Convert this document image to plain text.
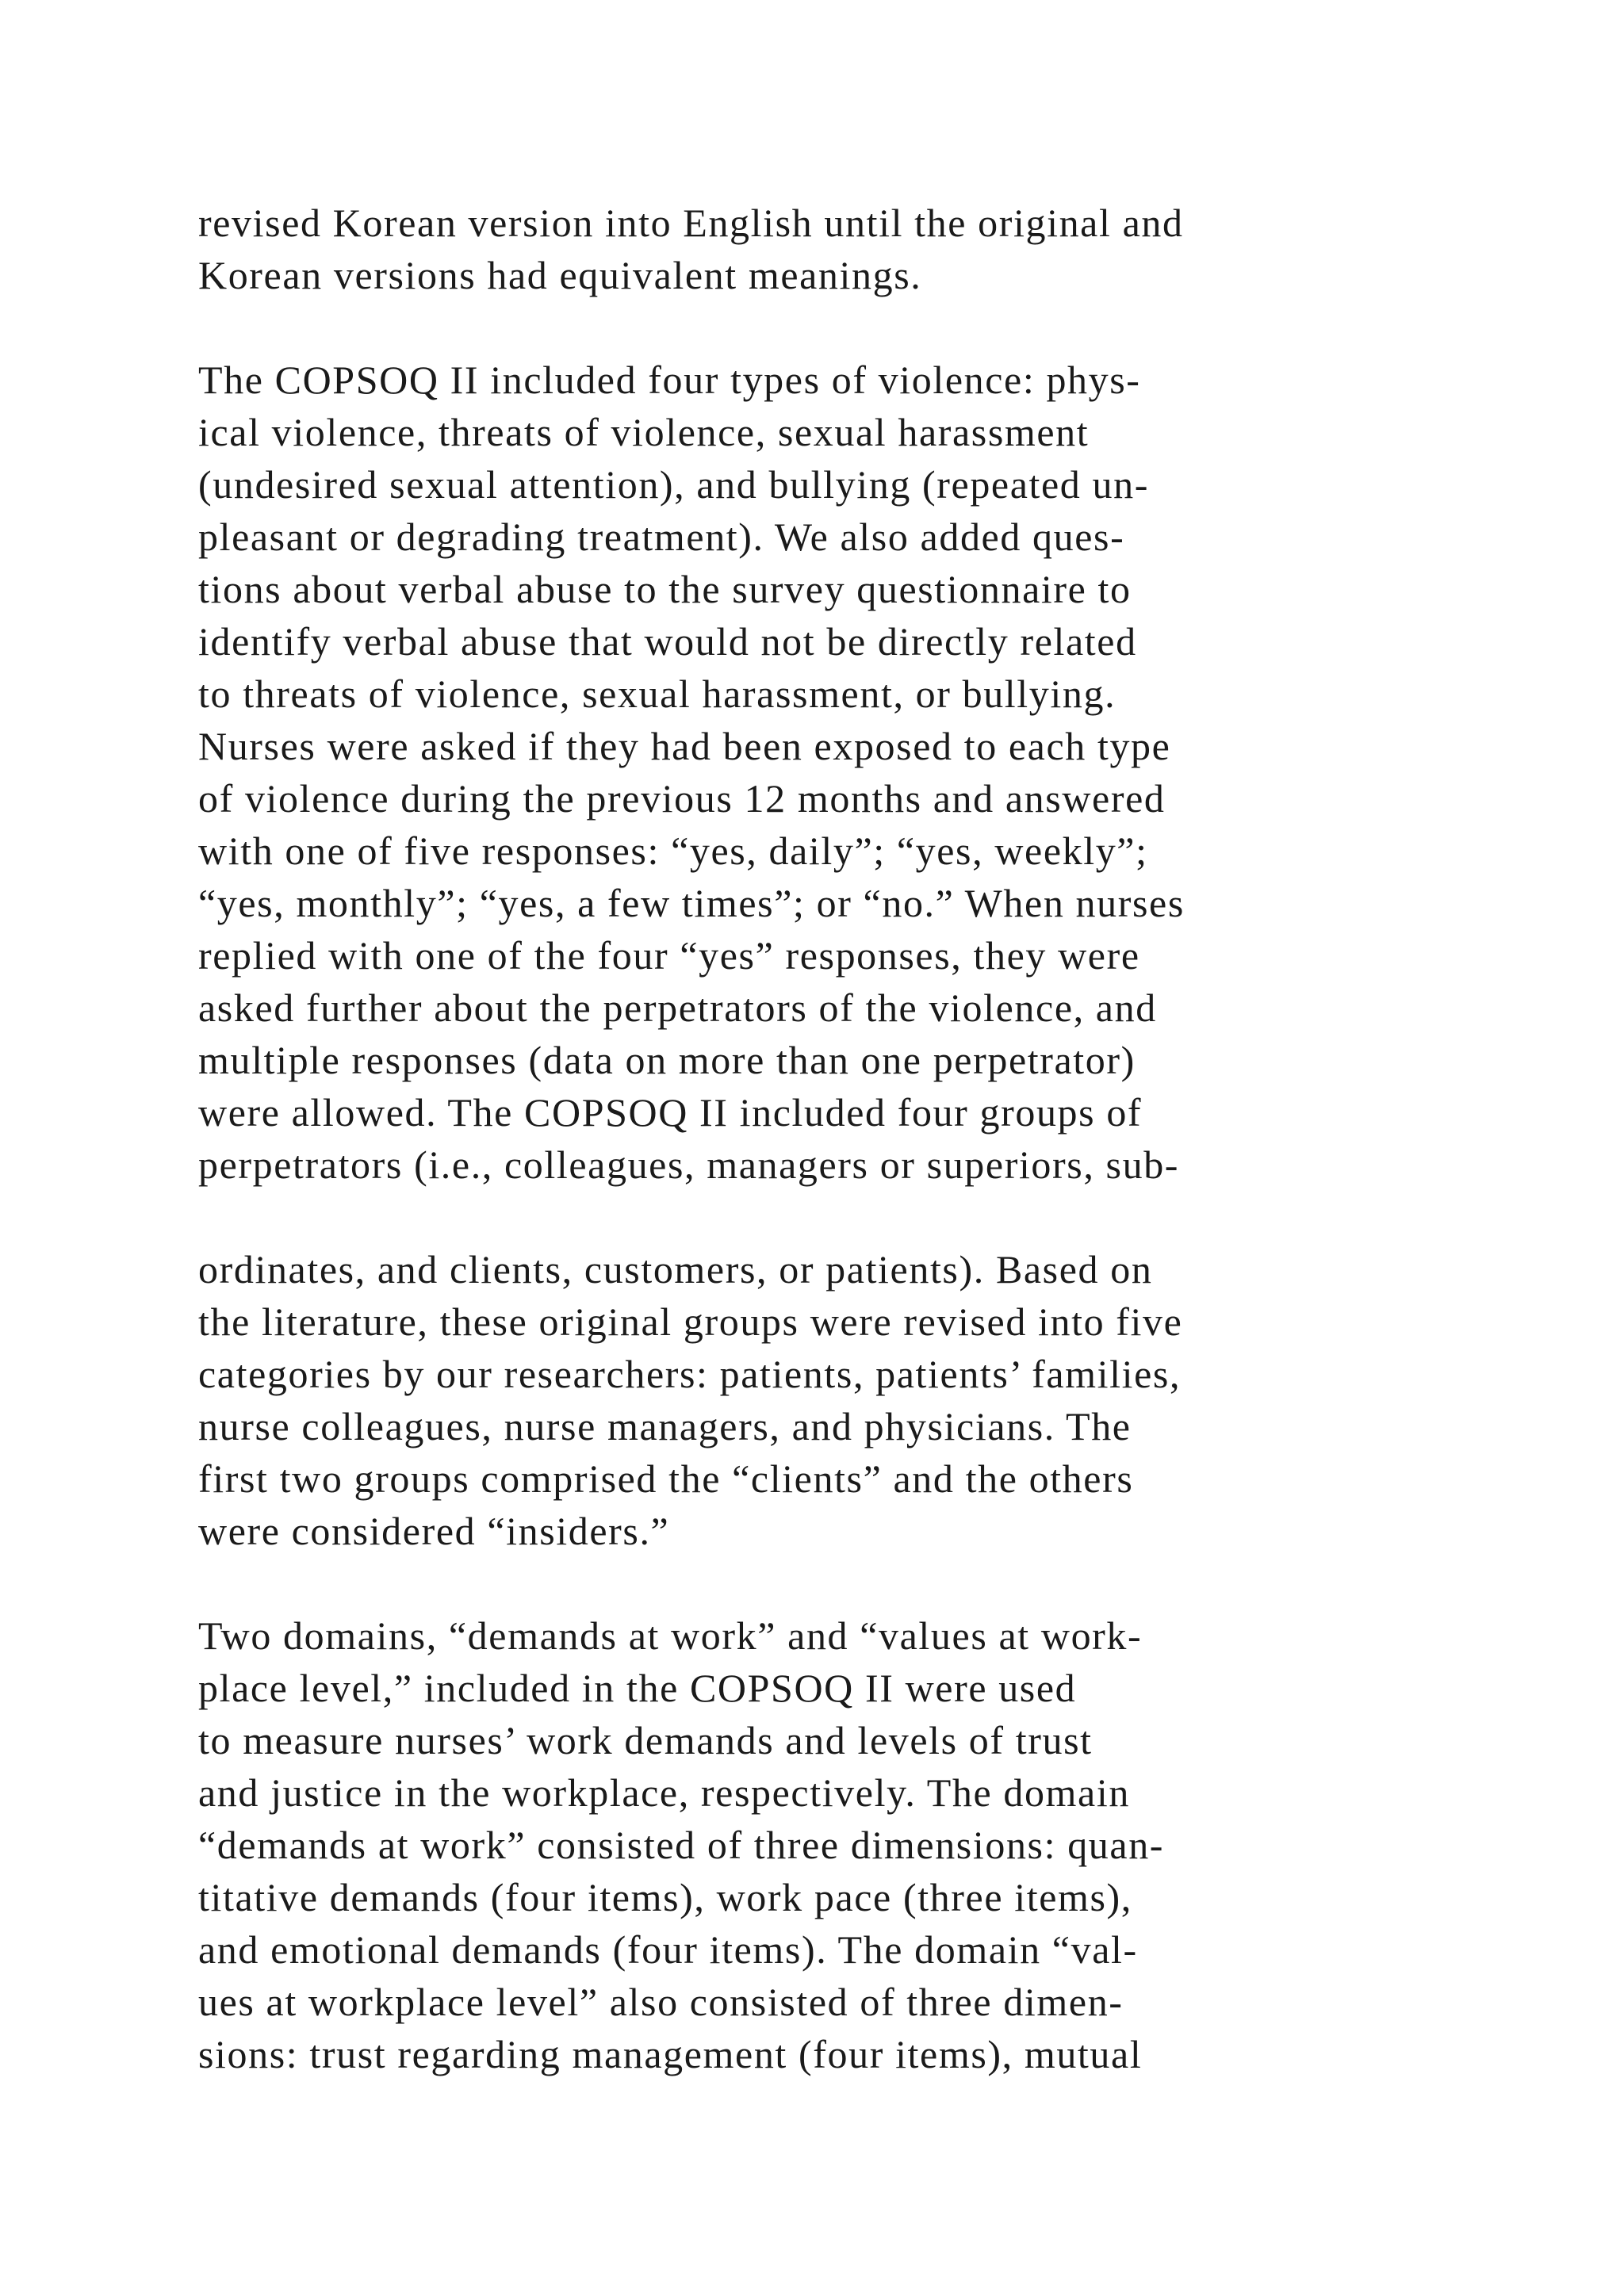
revised Korean version into English until the original and
Korean versions had equivalent meanings.
The COPSOQ II included four types of violence: phys-
ical violence, threats of violence, sexual harassment
(undesired sexual attention), and bullying (repeated un-
pleasant or degrading treatment). We also added ques-
tions about verbal abuse to the survey questionnaire to
identify verbal abuse that would not be directly related
to threats of violence, sexual harassment, or bullying.
Nurses were asked if they had been exposed to each type
of violence during the previous 12 months and answered
with one of five responses: “yes, daily”; “yes, weekly”;
“yes, monthly”; “yes, a few times”; or “no.” When nurses
replied with one of the four “yes” responses, they were
asked further about the perpetrators of the violence, and
multiple responses (data on more than one perpetrator)
were allowed. The COPSOQ II included four groups of
perpetrators (i.e., colleagues, managers or superiors, sub-
ordinates, and clients, customers, or patients). Based on
the literature, these original groups were revised into five
categories by our researchers: patients, patients’ families,
nurse colleagues, nurse managers, and physicians. The
first two groups comprised the “clients” and the others
were considered “insiders.”
Two domains, “demands at work” and “values at work-
place level,” included in the COPSOQ II were used
to measure nurses’ work demands and levels of trust
and justice in the workplace, respectively. The domain
“demands at work” consisted of three dimensions: quan-
titative demands (four items), work pace (three items),
and emotional demands (four items). The domain “val-
ues at workplace level” also consisted of three dimen-
sions: trust regarding management (four items), mutual
